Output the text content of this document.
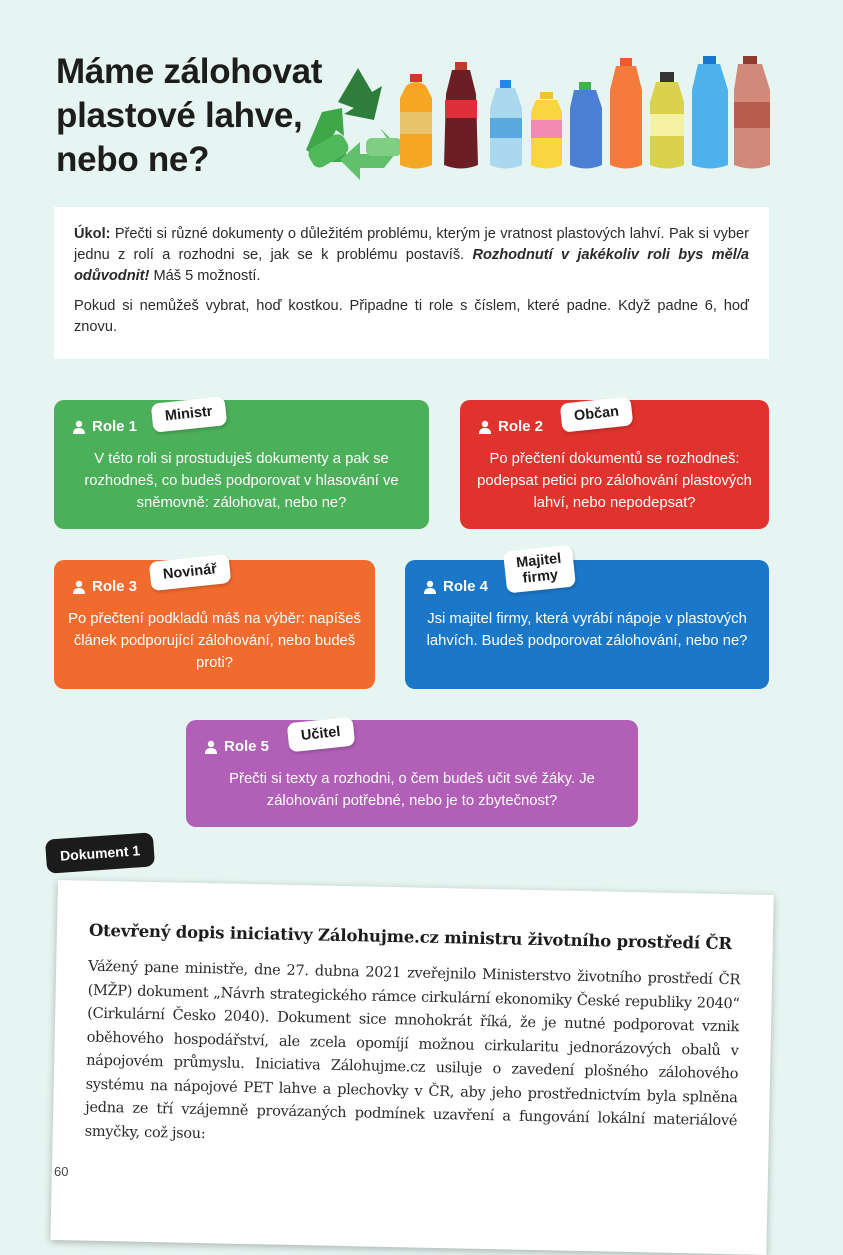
Máme zálohovat plastové lahve, nebo ne?

Úkol: Přečti si různé dokumenty o důležitém problému, kterým je vratnost plastových lahví. Pak si vyber jednu z rolí a rozhodni se, jak se k problému postavíš. Rozhodnutí v jakékoliv roli bys měl/a odůvodnit! Máš 5 možností.

Pokud si nemůžeš vybrat, hoď kostkou. Připadne ti role s číslem, které padne. Když padne 6, hoď znovu.

Role 1
V této roli si prostuduješ dokumenty a pak se rozhodneš, co budeš podporovat v hlasování ve sněmovně: zálohovat, nebo ne?
Ministr
Role 2
Po přečtení dokumentů se rozhodneš: podepsat petici pro zálohování plastových lahví, nebo nepodepsat?
Občan
Role 3
Po přečtení podkladů máš na výběr: napíšeš článek podporující zálohování, nebo budeš proti?
Novinář
Role 4
Jsi majitel firmy, která vyrábí nápoje v plastových lahvích. Budeš podporovat zálohování, nebo ne?
Majitel
firmy
Role 5
Přečti si texty a rozhodni, o čem budeš učit své žáky. Je zálohování potřebné, nebo je to zbytečnost?
Učitel
Dokument 1
Otevřený dopis iniciativy Zálohujme.cz ministru životního prostředí ČR

Vážený pane ministře, dne 27. dubna 2021 zveřejnilo Ministerstvo životního prostředí ČR (MŽP) dokument „Návrh strategického rámce cirkulární ekonomiky České republiky 2040“ (Cirkulární Česko 2040). Dokument sice mnohokrát říká, že je nutné podporovat vznik oběhového hospodářství, ale zcela opomíjí možnou cirkularitu jednorázových obalů v nápojovém průmyslu. Iniciativa Zálohujme.cz usiluje o zavedení plošného zálohového systému na nápojové PET lahve a plechovky v ČR, aby jeho prostřednictvím byla splněna jedna ze tří vzájemně provázaných podmínek uzavření a fungování lokální materiálové smyčky, což jsou:

60
